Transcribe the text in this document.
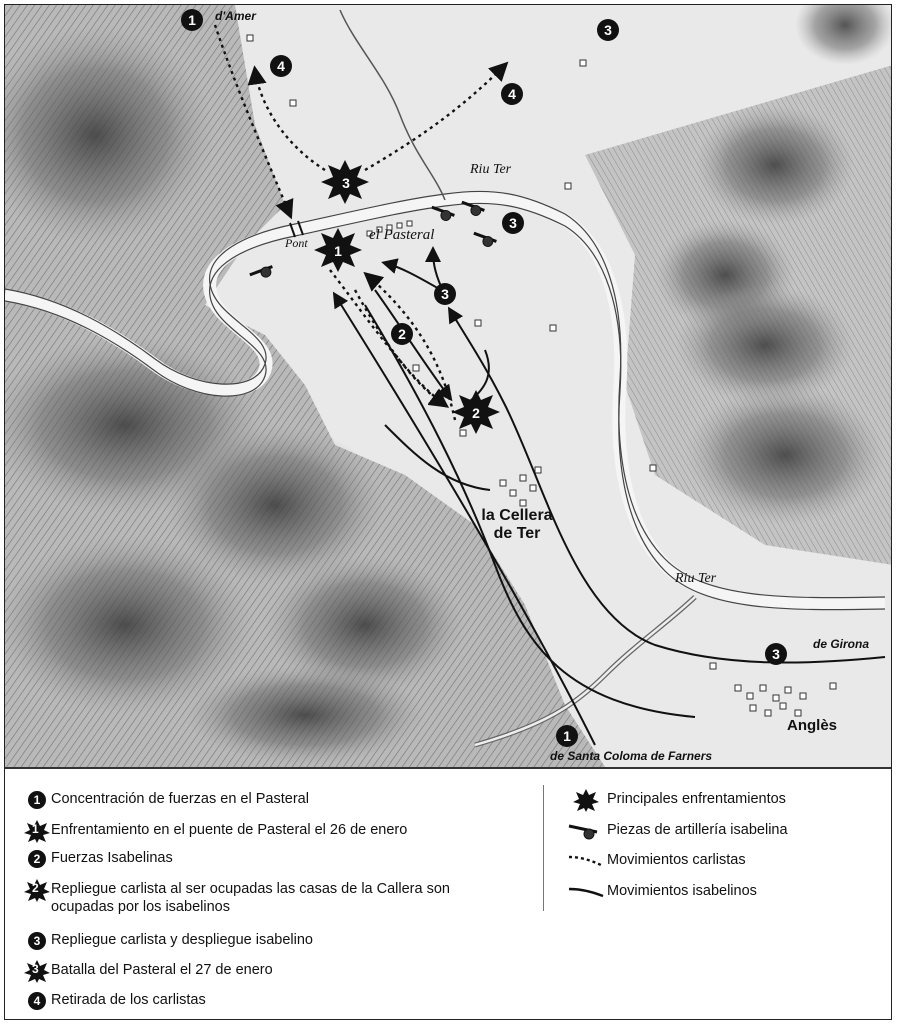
1
4
3
4
3
3
1
3
2
2
3
1
d'Amer
Riu Ter
Pont	el Pasteral
la Cellera
de Ter
Riu Ter
de Girona
Anglès
de Santa Coloma de Farners
1 Concentración de fuerzas en el Pasteral
1 Enfrentamiento en el puente de Pasteral el 26 de enero
2 Fuerzas Isabelinas
2 Repliegue carlista al ser ocupadas las casas de la Callera son ocupadas por los isabelinos
3 Repliegue carlista y despliegue isabelino
3 Batalla del Pasteral el 27 de enero
4 Retirada de los carlistas
Principales enfrentamientos
Piezas de artillería isabelina
Movimientos carlistas
Movimientos isabelinos
